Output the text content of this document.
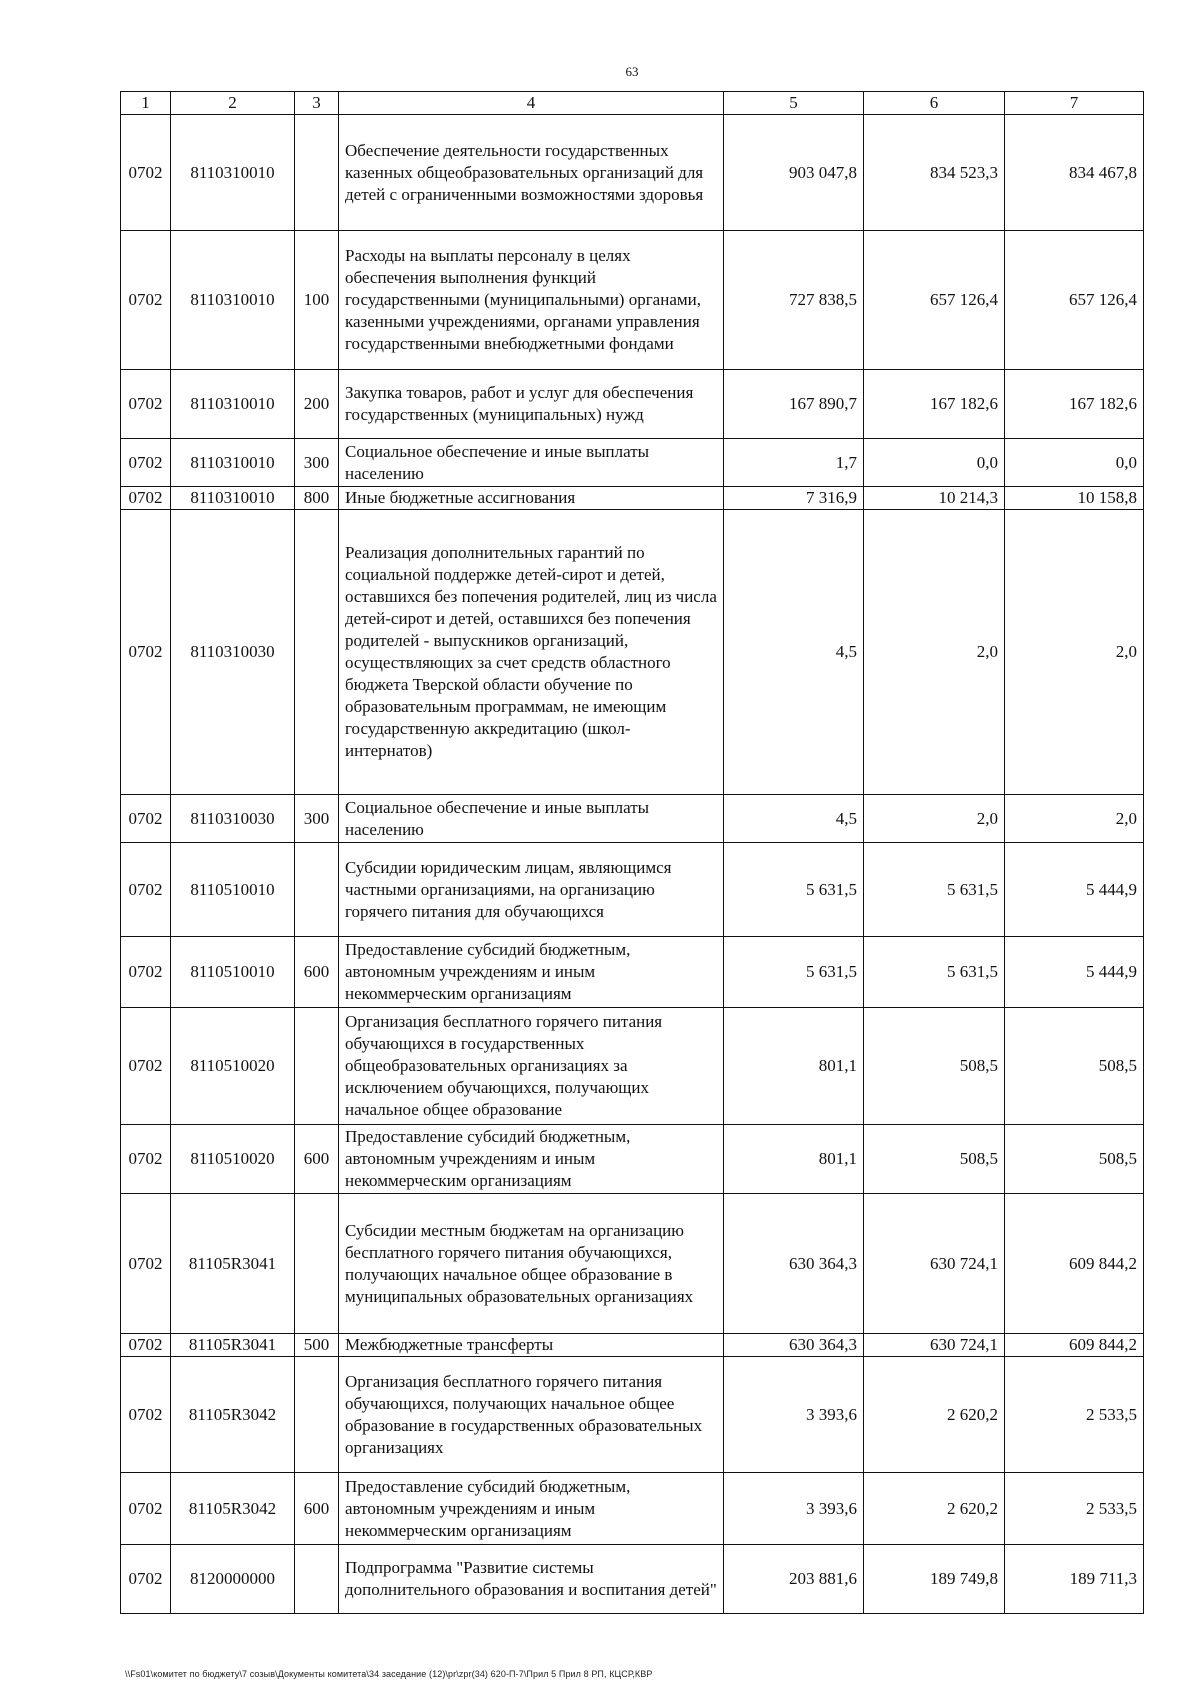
63
1	2	3	4	5	6	7
0702	8110310010		Обеспечение деятельности государственных казенных общеобразовательных организаций для детей с ограниченными возможностями здоровья	903 047,8	834 523,3	834 467,8
0702	8110310010	100	Расходы на выплаты персоналу в целях обеспечения выполнения функций государственными (муниципальными) органами, казенными учреждениями, органами управления государственными внебюджетными фондами	727 838,5	657 126,4	657 126,4
0702	8110310010	200	Закупка товаров, работ и услуг для обеспечения государственных (муниципальных) нужд	167 890,7	167 182,6	167 182,6
0702	8110310010	300	Социальное обеспечение и иные выплаты населению	1,7	0,0	0,0
0702	8110310010	800	Иные бюджетные ассигнования	7 316,9	10 214,3	10 158,8
0702	8110310030		Реализация дополнительных гарантий по социальной поддержке детей-сирот и детей, оставшихся без попечения родителей, лиц из числа детей-сирот и детей, оставшихся без попечения родителей - выпускников организаций, осуществляющих за счет средств областного бюджета Тверской области обучение по образовательным программам, не имеющим государственную аккредитацию (школ-интернатов)	4,5	2,0	2,0
0702	8110310030	300	Социальное обеспечение и иные выплаты населению	4,5	2,0	2,0
0702	8110510010		Субсидии юридическим лицам, являющимся частными организациями, на организацию горячего питания для обучающихся	5 631,5	5 631,5	5 444,9
0702	8110510010	600	Предоставление субсидий бюджетным, автономным учреждениям и иным некоммерческим организациям	5 631,5	5 631,5	5 444,9
0702	8110510020		Организация бесплатного горячего питания обучающихся в государственных общеобразовательных организациях за исключением обучающихся, получающих начальное общее образование	801,1	508,5	508,5
0702	8110510020	600	Предоставление субсидий бюджетным, автономным учреждениям и иным некоммерческим организациям	801,1	508,5	508,5
0702	81105R3041		Субсидии местным бюджетам на организацию бесплатного горячего питания обучающихся, получающих начальное общее образование в муниципальных образовательных организациях	630 364,3	630 724,1	609 844,2
0702	81105R3041	500	Межбюджетные трансферты	630 364,3	630 724,1	609 844,2
0702	81105R3042		Организация бесплатного горячего питания обучающихся, получающих начальное общее образование в государственных образовательных организациях	3 393,6	2 620,2	2 533,5
0702	81105R3042	600	Предоставление субсидий бюджетным, автономным учреждениям и иным некоммерческим организациям	3 393,6	2 620,2	2 533,5
0702	8120000000		Подпрограмма "Развитие системы дополнительного образования и воспитания детей"	203 881,6	189 749,8	189 711,3
\\Fs01\комитет по бюджету\7 созыв\Документы комитета\34 заседание (12)\pr\zpr(34) 620-П-7\Прил 5 Прил 8 РП, КЦСР,КВР
